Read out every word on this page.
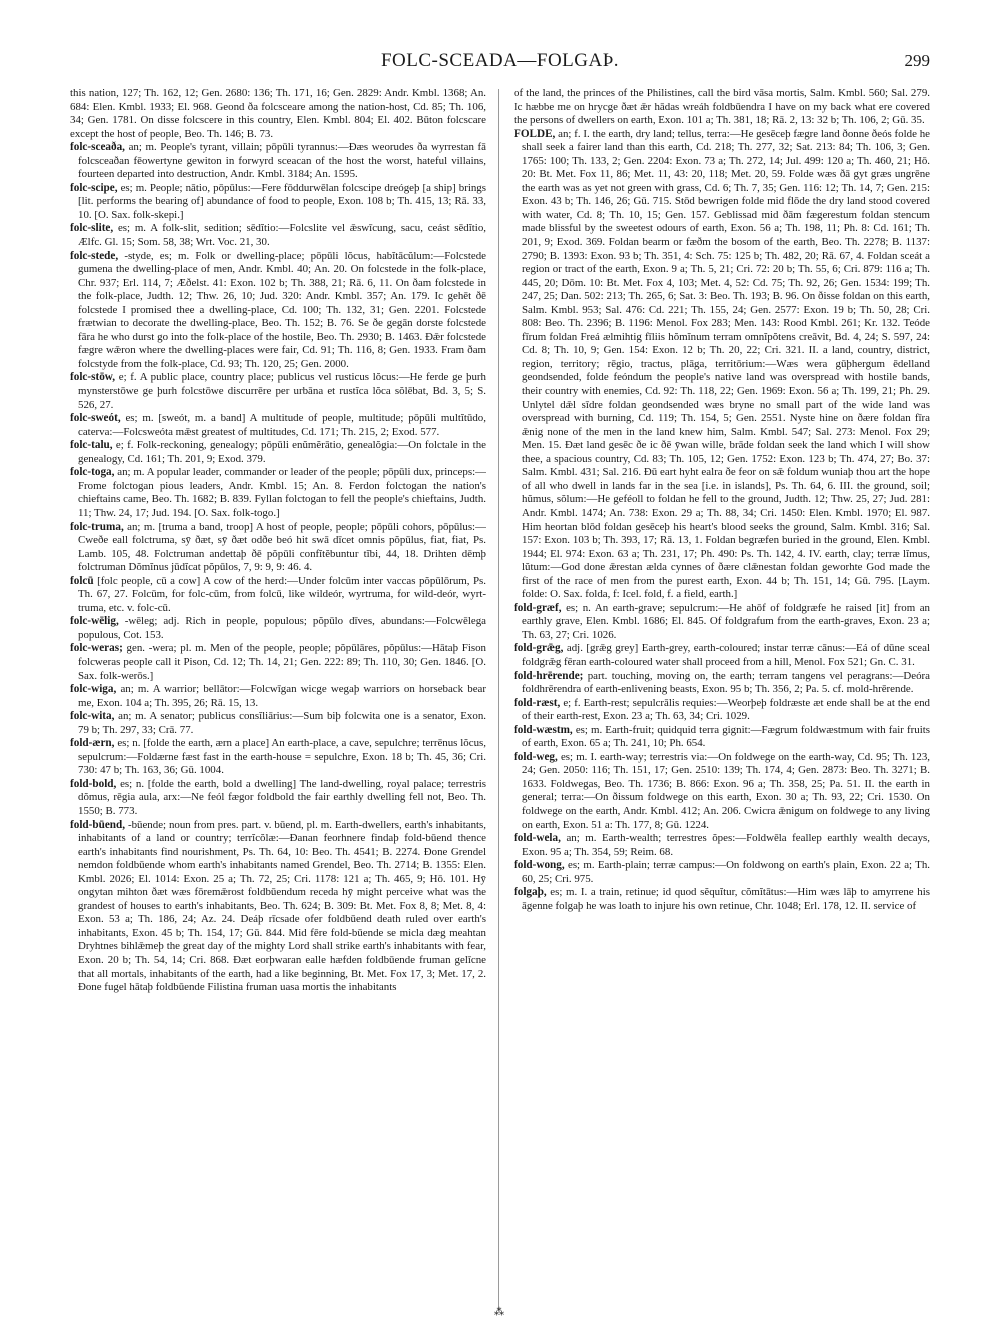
FOLC-SCEADA—FOLGAÞ.	299

this nation, 127; Th. 162, 12; Gen. 2680: 136; Th. 171, 16; Gen. 2829: Andr. Kmbl. 1368; An. 684: Elen. Kmbl. 1933; El. 968. Geond ða folcsceare among the nation-host, Cd. 85; Th. 106, 34; Gen. 1781. On disse folcscere in this country, Elen. Kmbl. 804; El. 402. Būton folcscare except the host of people, Beo. Th. 146; B. 73.

folc-sceaða, an; m. People's tyrant, villain; pōpūli tyrannus:—Ðæs weorudes ða wyrrestan fā folcsceaðan fēowertyne gewiton in forwyrd sceacan of the host the worst, hateful villains, fourteen departed into destruction, Andr. Kmbl. 3184; An. 1595.

folc-scipe, es; m. People; nātio, pōpūlus:—Fere fōddurwēlan folcscipe dreógeþ [a ship] brings [lit. performs the bearing of] abundance of food to people, Exon. 108 b; Th. 415, 13; Rā. 33, 10. [O. Sax. folk-skepi.]

folc-slite, es; m. A folk-slit, sedition; sēdĭtio:—Folcslite vel ǣswīcung, sacu, ceást sēdĭtio, Ælfc. Gl. 15; Som. 58, 38; Wrt. Voc. 21, 30.

folc-stede, -styde, es; m. Folk or dwelling-place; pōpūli lŏcus, habĭtācŭlum:—Folcstede gumena the dwelling-place of men, Andr. Kmbl. 40; An. 20. On folcstede in the folk-place, Chr. 937; Erl. 114, 7; Æðelst. 41: Exon. 102 b; Th. 388, 21; Rā. 6, 11. On ðam folcstede in the folk-place, Judth. 12; Thw. 26, 10; Jud. 320: Andr. Kmbl. 357; An. 179. Ic gehēt ðē folcstede I promised thee a dwelling-place, Cd. 100; Th. 132, 31; Gen. 2201. Folcstede frætwian to decorate the dwelling-place, Beo. Th. 152; B. 76. Se ðe gegān dorste folcstede fāra he who durst go into the folk-place of the hostile, Beo. Th. 2930; B. 1463. Ðǣr folcstede fægre wǣron where the dwelling-places were fair, Cd. 91; Th. 116, 8; Gen. 1933. Fram ðam folcstyde from the folk-place, Cd. 93; Th. 120, 25; Gen. 2000.

folc-stōw, e; f. A public place, country place; publicus vel rusticus lŏcus:—He ferde ge þurh mynsterstōwe ge þurh folcstōwe discurrēre per urbāna et rustĭca lŏca sŏlēbat, Bd. 3, 5; S. 526, 27.

folc-sweót, es; m. [sweót, m. a band] A multitude of people, multitude; pōpūli multĭtūdo, caterva:—Folcsweóta mǣst greatest of multitudes, Cd. 171; Th. 215, 2; Exod. 577.

folc-talu, e; f. Folk-reckoning, genealogy; pōpūli enŭmĕrātio, genealŏgia:—On folctale in the genealogy, Cd. 161; Th. 201, 9; Exod. 379.

folc-toga, an; m. A popular leader, commander or leader of the people; pōpūli dux, princeps:—Frome folctogan pious leaders, Andr. Kmbl. 15; An. 8. Ferdon folctogan the nation's chieftains came, Beo. Th. 1682; B. 839. Fyllan folctogan to fell the people's chieftains, Judth. 11; Thw. 24, 17; Jud. 194. [O. Sax. folk-togo.]

folc-truma, an; m. [truma a band, troop] A host of people, people; pōpūli cohors, pōpūlus:—Cweðe eall folctruma, sȳ ðæt, sȳ ðæt odðe beó hit swā dīcet omnis pŏpūlus, fiat, fiat, Ps. Lamb. 105, 48. Folctruman andettaþ ðē pŏpūli confĭtĕbuntur tĭbi, 44, 18. Drihten dēmþ folctruman Dŏmĭnus jūdĭcat pŏpūlos, 7, 9: 9, 9: 46. 4.

folcū [folc people, cū a cow] A cow of the herd:—Under folcūm inter vaccas pŏpūlōrum, Ps. Th. 67, 27. Folcūm, for folc-cūm, from folcū, like wildeór, wyrtruma, for wild-deór, wyrt-truma, etc. v. folc-cū.

folc-wēlig, -wēleg; adj. Rich in people, populous; pŏpūlo dīves, abundans:—Folcwēlega populous, Cot. 153.

folc-weras; gen. -wera; pl. m. Men of the people, people; pŏpūlāres, pŏpūlus:—Hātaþ Fison folcweras people call it Pison, Cd. 12; Th. 14, 21; Gen. 222: 89; Th. 110, 30; Gen. 1846. [O. Sax. folk-werōs.]

folc-wiga, an; m. A warrior; bellātor:—Folcwīgan wicge wegaþ warriors on horseback bear me, Exon. 104 a; Th. 395, 26; Rā. 15, 13.

folc-wita, an; m. A senator; publicus consĭliārius:—Sum biþ folcwita one is a senator, Exon. 79 b; Th. 297, 33; Crā. 77.

fold-ærn, es; n. [folde the earth, ærn a place] An earth-place, a cave, sepulchre; terrēnus lŏcus, sepulcrum:—Foldærne fæst fast in the earth-house = sepulchre, Exon. 18 b; Th. 45, 36; Cri. 730: 47 b; Th. 163, 36; Gū. 1004.

fold-bold, es; n. [folde the earth, bold a dwelling] The land-dwelling, royal palace; terrestris dŏmus, rēgia aula, arx:—Ne feól fægor foldbold the fair earthly dwelling fell not, Beo. Th. 1550; B. 773.

fold-būend, -būende; noun from pres. part. v. būend, pl. m. Earth-dwellers, earth's inhabitants, inhabitants of a land or country; terrĭcŏlæ:—Ðanan feorhnere findaþ fold-būend thence earth's inhabitants find nourishment, Ps. Th. 64, 10: Beo. Th. 4541; B. 2274. Ðone Grendel nemdon foldbūende whom earth's inhabitants named Grendel, Beo. Th. 2714; B. 1355: Elen. Kmbl. 2026; El. 1014: Exon. 25 a; Th. 72, 25; Cri. 1178: 121 a; Th. 465, 9; Hō. 101. Hȳ ongytan mihton ðæt wæs fōremǣrost foldbūendum receda hȳ might perceive what was the grandest of houses to earth's inhabitants, Beo. Th. 624; B. 309: Bt. Met. Fox 8, 8; Met. 8, 4: Exon. 53 a; Th. 186, 24; Az. 24. Deáþ rīcsade ofer foldbūend death ruled over earth's inhabitants, Exon. 45 b; Th. 154, 17; Gū. 844. Mid fēre fold-būende se micla dæg meahtan Dryhtnes bihlǣmeþ the great day of the mighty Lord shall strike earth's inhabitants with fear, Exon. 20 b; Th. 54, 14; Cri. 868. Ðæt eorþwaran ealle hæfden foldbūende fruman gelīcne that all mortals, inhabitants of the earth, had a like beginning, Bt. Met. Fox 17, 3; Met. 17, 2. Ðone fugel hātaþ foldbūende Filistina fruman uasa mortis the inhabitants

of the land, the princes of the Philistines, call the bird vāsa mortis, Salm. Kmbl. 560; Sal. 279. Ic hæbbe me on hrycge ðæt ǣr hādas wreáh foldbūendra I have on my back what ere covered the persons of dwellers on earth, Exon. 101 a; Th. 381, 18; Rā. 2, 13: 32 b; Th. 106, 2; Gū. 35.

FOLDE, an; f. I. the earth, dry land; tellus, terra:—He gesēceþ fægre land ðonne ðeós folde he shall seek a fairer land than this earth, Cd. 218; Th. 277, 32; Sat. 213: 84; Th. 106, 3; Gen. 1765: 100; Th. 133, 2; Gen. 2204: Exon. 73 a; Th. 272, 14; Jul. 499: 120 a; Th. 460, 21; Hō. 20: Bt. Met. Fox 11, 86; Met. 11, 43: 20, 118; Met. 20, 59. Folde wæs ðā gyt græs ungrēne the earth was as yet not green with grass, Cd. 6; Th. 7, 35; Gen. 116: 12; Th. 14, 7; Gen. 215: Exon. 43 b; Th. 146, 26; Gū. 715. Stōd bewrigen folde mid flōde the dry land stood covered with water, Cd. 8; Th. 10, 15; Gen. 157. Geblissad mid ðām fægerestum foldan stencum made blissful by the sweetest odours of earth, Exon. 56 a; Th. 198, 11; Ph. 8: Cd. 161; Th. 201, 9; Exod. 369. Foldan bearm or fæðm the bosom of the earth, Beo. Th. 2278; B. 1137: 2790; B. 1393: Exon. 93 b; Th. 351, 4: Sch. 75: 125 b; Th. 482, 20; Rā. 67, 4. Foldan sceát a region or tract of the earth, Exon. 9 a; Th. 5, 21; Cri. 72: 20 b; Th. 55, 6; Cri. 879: 116 a; Th. 445, 20; Dōm. 10: Bt. Met. Fox 4, 103; Met. 4, 52: Cd. 75; Th. 92, 26; Gen. 1534: 199; Th. 247, 25; Dan. 502: 213; Th. 265, 6; Sat. 3: Beo. Th. 193; B. 96. On ðisse foldan on this earth, Salm. Kmbl. 953; Sal. 476: Cd. 221; Th. 155, 24; Gen. 2577: Exon. 19 b; Th. 50, 28; Cri. 808: Beo. Th. 2396; B. 1196: Menol. Fox 283; Men. 143: Rood Kmbl. 261; Kr. 132. Teóde fīrum foldan Freá ælmihtig fīliis hŏmĭnum terram omnĭpŏtens creāvit, Bd. 4, 24; S. 597, 24: Cd. 8; Th. 10, 9; Gen. 154: Exon. 12 b; Th. 20, 22; Cri. 321. II. a land, country, district, region, territory; rēgio, tractus, plāga, territōrium:—Wæs wera gūþhergum ēdelland geondsended, folde feóndum the people's native land was overspread with hostile bands, their country with enemies, Cd. 92: Th. 118, 22; Gen. 1969: Exon. 56 a; Th. 199, 21; Ph. 29. Unlytel dǣl sīdre foldan geondsended wæs bryne no small part of the wide land was overspread with burning, Cd. 119; Th. 154, 5; Gen. 2551. Nyste hine on ðære foldan fīra ǣnig none of the men in the land knew him, Salm. Kmbl. 547; Sal. 273: Menol. Fox 29; Men. 15. Ðæt land gesēc ðe ic ðē ȳwan wille, brāde foldan seek the land which I will show thee, a spacious country, Cd. 83; Th. 105, 12; Gen. 1752: Exon. 123 b; Th. 474, 27; Bo. 37: Salm. Kmbl. 431; Sal. 216. Ðū eart hyht ealra ðe feor on sǣ foldum wuniaþ thou art the hope of all who dwell in lands far in the sea [i.e. in islands], Ps. Th. 64, 6. III. the ground, soil; hŭmus, sŏlum:—He geféoll to foldan he fell to the ground, Judth. 12; Thw. 25, 27; Jud. 281: Andr. Kmbl. 1474; An. 738: Exon. 29 a; Th. 88, 34; Cri. 1450: Elen. Kmbl. 1970; El. 987. Him heortan blōd foldan gesēceþ his heart's blood seeks the ground, Salm. Kmbl. 316; Sal. 157: Exon. 103 b; Th. 393, 17; Rā. 13, 1. Foldan begræfen buried in the ground, Elen. Kmbl. 1944; El. 974: Exon. 63 a; Th. 231, 17; Ph. 490: Ps. Th. 142, 4. IV. earth, clay; terræ lĭmus, lŭtum:—God done ǣrestan ælda cynnes of ðære clǣnestan foldan geworhte God made the first of the race of men from the purest earth, Exon. 44 b; Th. 151, 14; Gū. 795. [Laym. folde: O. Sax. folda, f: Icel. fold, f. a field, earth.]

fold-græf, es; n. An earth-grave; sepulcrum:—He ahōf of foldgræfe he raised [it] from an earthly grave, Elen. Kmbl. 1686; El. 845. Of foldgrafum from the earth-graves, Exon. 23 a; Th. 63, 27; Cri. 1026.

fold-grǣg, adj. [grǣg grey] Earth-grey, earth-coloured; instar terræ cānus:—Eá of dūne sceal foldgrǣg fēran earth-coloured water shall proceed from a hill, Menol. Fox 521; Gn. C. 31.

fold-hrērende; part. touching, moving on, the earth; terram tangens vel peragrans:—Deóra foldhrērendra of earth-enlivening beasts, Exon. 95 b; Th. 356, 2; Pa. 5. cf. mold-hrērende.

fold-ræst, e; f. Earth-rest; sepulcrālis requies:—Weorþeþ foldræste æt ende shall be at the end of their earth-rest, Exon. 23 a; Th. 63, 34; Cri. 1029.

fold-wæstm, es; m. Earth-fruit; quidquid terra gignit:—Fægrum foldwæstmum with fair fruits of earth, Exon. 65 a; Th. 241, 10; Ph. 654.

fold-weg, es; m. I. earth-way; terrestris via:—On foldwege on the earth-way, Cd. 95; Th. 123, 24; Gen. 2050: 116; Th. 151, 17; Gen. 2510: 139; Th. 174, 4; Gen. 2873: Beo. Th. 3271; B. 1633. Foldwegas, Beo. Th. 1736; B. 866: Exon. 96 a; Th. 358, 25; Pa. 51. II. the earth in general; terra:—On ðissum foldwege on this earth, Exon. 30 a; Th. 93, 22; Cri. 1530. On foldwege on the earth, Andr. Kmbl. 412; An. 206. Cwicra ǣnigum on foldwege to any living on earth, Exon. 51 a: Th. 177, 8; Gū. 1224.

fold-wela, an; m. Earth-wealth; terrestres ŏpes:—Foldwēla feallep earthly wealth decays, Exon. 95 a; Th. 354, 59; Reim. 68.

fold-wong, es; m. Earth-plain; terræ campus:—On foldwong on earth's plain, Exon. 22 a; Th. 60, 25; Cri. 975.

folgaþ, es; m. I. a train, retinue; id quod sĕquĭtur, cŏmĭtātus:—Him wæs lāþ to amyrrene his āgenne folgaþ he was loath to injure his own retinue, Chr. 1048; Erl. 178, 12. II. service of

⁂
